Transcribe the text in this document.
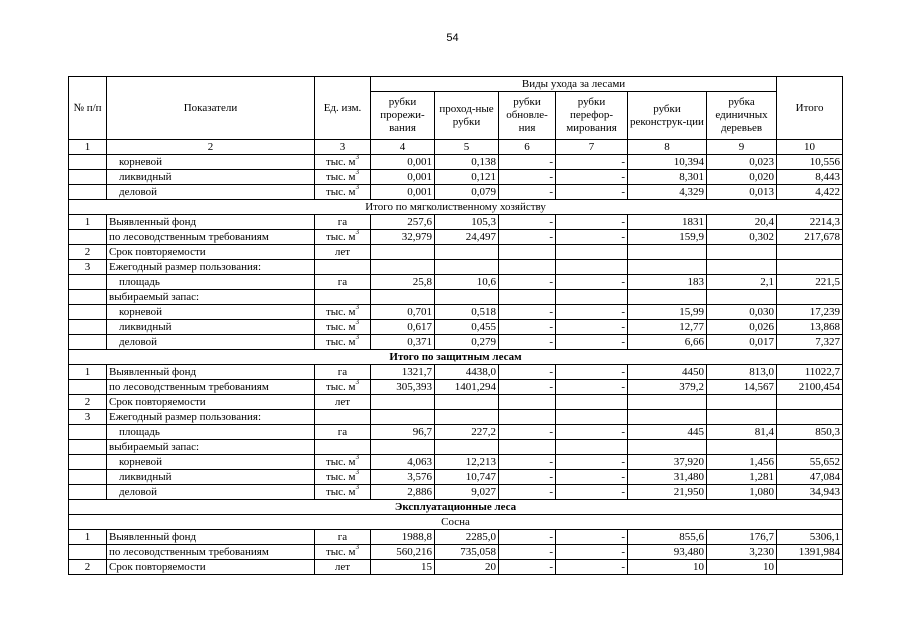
54
№ п/п	Показатели	Ед. изм.	Виды ухода за лесами						Итого
			рубки прорежи-вания	проход-ные рубки	рубки обновле-ния	рубки перефор-мирования	рубки реконструк-ции	рубка единичных деревьев	
1	2	3	4	5	6	7	8	9	10
	корневой	тыс. $м^3$	0,001	0,138	-	-	10,394	0,023	10,556
	ликвидный	тыс. $м^3$	0,001	0,121	-	-	8,301	0,020	8,443
	деловой	тыс. $м^3$	0,001	0,079	-	-	4,329	0,013	4,422
Итого по мягколиственному хозяйству									
1	Выявленный фонд	га	257,6	105,3	-	-	1831	20,4	2214,3
	по лесоводственным требованиям	тыс. $м^3$	32,979	24,497	-	-	159,9	0,302	217,678
2	Срок повторяемости	лет							
3	Ежегодный размер пользования:								
	площадь	га	25,8	10,6	-	-	183	2,1	221,5
	выбираемый запас:								
	корневой	тыс. $м^3$	0,701	0,518	-	-	15,99	0,030	17,239
	ликвидный	тыс. $м^3$	0,617	0,455	-	-	12,77	0,026	13,868
	деловой	тыс. $м^3$	0,371	0,279	-	-	6,66	0,017	7,327
Итого по защитным лесам									
1	Выявленный фонд	га	1321,7	4438,0	-	-	4450	813,0	11022,7
	по лесоводственным требованиям	тыс. $м^3$	305,393	1401,294	-	-	379,2	14,567	2100,454
2	Срок повторяемости	лет							
3	Ежегодный размер пользования:								
	площадь	га	96,7	227,2	-	-	445	81,4	850,3
	выбираемый запас:								
	корневой	тыс. $м^3$	4,063	12,213	-	-	37,920	1,456	55,652
	ликвидный	тыс. $м^3$	3,576	10,747	-	-	31,480	1,281	47,084
	деловой	тыс. $м^3$	2,886	9,027	-	-	21,950	1,080	34,943
Эксплуатационные леса									
Сосна									
1	Выявленный фонд	га	1988,8	2285,0	-	-	855,6	176,7	5306,1
	по лесоводственным требованиям	тыс. $м^3$	560,216	735,058	-	-	93,480	3,230	1391,984
2	Срок повторяемости	лет	15	20	-	-	10	10	
